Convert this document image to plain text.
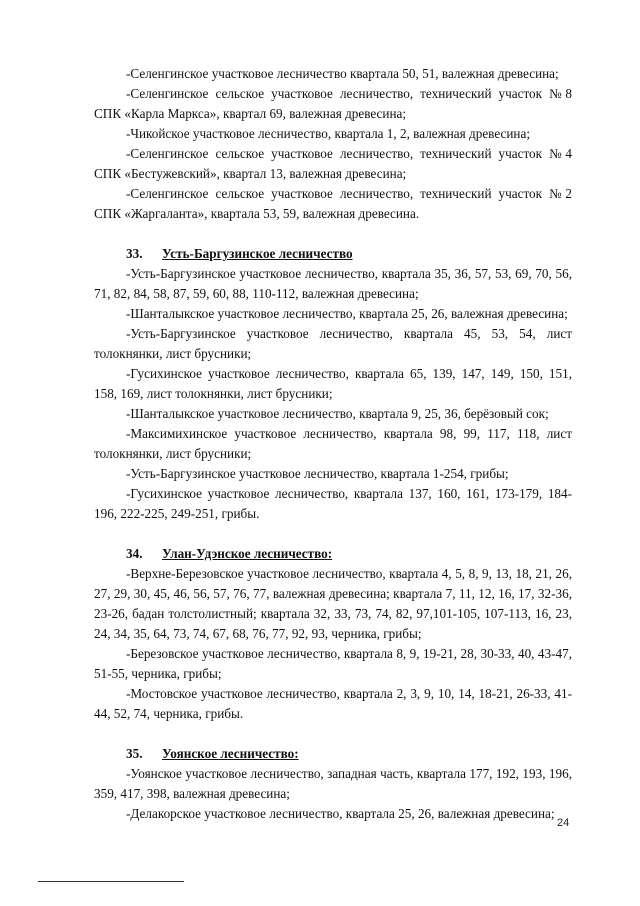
-Селенгинское участковое лесничество квартала 50, 51, валежная древесина;

-Селенгинское сельское участковое лесничество, технический участок №8 СПК «Карла Маркса», квартал 69, валежная древесина;

-Чикойское участковое лесничество, квартала 1, 2, валежная древесина;

-Селенгинское сельское участковое лесничество, технический участок №4 СПК «Бестужевский», квартал 13, валежная древесина;

-Селенгинское сельское участковое лесничество, технический участок №2 СПК «Жаргаланта», квартала 53, 59, валежная древесина.

33. Усть-Баргузинское лесничество

-Усть-Баргузинское участковое лесничество, квартала 35, 36, 57, 53, 69, 70, 56, 71, 82, 84, 58, 87, 59, 60, 88, 110-112, валежная древесина;

-Шанталыкское участковое лесничество, квартала 25, 26, валежная древесина;

-Усть-Баргузинское участковое лесничество, квартала 45, 53, 54, лист толокнянки, лист брусники;

-Гусихинское участковое лесничество, квартала 65, 139, 147, 149, 150, 151, 158, 169, лист толокнянки, лист брусники;

-Шанталыкское участковое лесничество, квартала 9, 25, 36, берёзовый сок;

-Максимихинское участковое лесничество, квартала 98, 99, 117, 118, лист толокнянки, лист брусники;

-Усть-Баргузинское участковое лесничество, квартала 1-254, грибы;

-Гусихинское участковое лесничество, квартала 137, 160, 161, 173-179, 184-196, 222-225, 249-251, грибы.

34. Улан-Удэнское лесничество:

-Верхне-Березовское участковое лесничество, квартала 4, 5, 8, 9, 13, 18, 21, 26, 27, 29, 30, 45, 46, 56, 57, 76, 77, валежная древесина; квартала 7, 11, 12, 16, 17, 32-36, 23-26, бадан толстолистный; квартала 32, 33, 73, 74, 82, 97,101-105, 107-113, 16, 23, 24, 34, 35, 64, 73, 74, 67, 68, 76, 77, 92, 93, черника, грибы;

-Березовское участковое лесничество, квартала 8, 9, 19-21, 28, 30-33, 40, 43-47, 51-55, черника, грибы;

-Мостовское участковое лесничество, квартала 2, 3, 9, 10, 14, 18-21, 26-33, 41-44, 52, 74, черника, грибы.

35. Уоянское лесничество:

-Уоянское участковое лесничество, западная часть, квартала 177, 192, 193, 196, 359, 417, 398, валежная древесина;

-Делакорское участковое лесничество, квартала 25, 26, валежная древесина;

24
